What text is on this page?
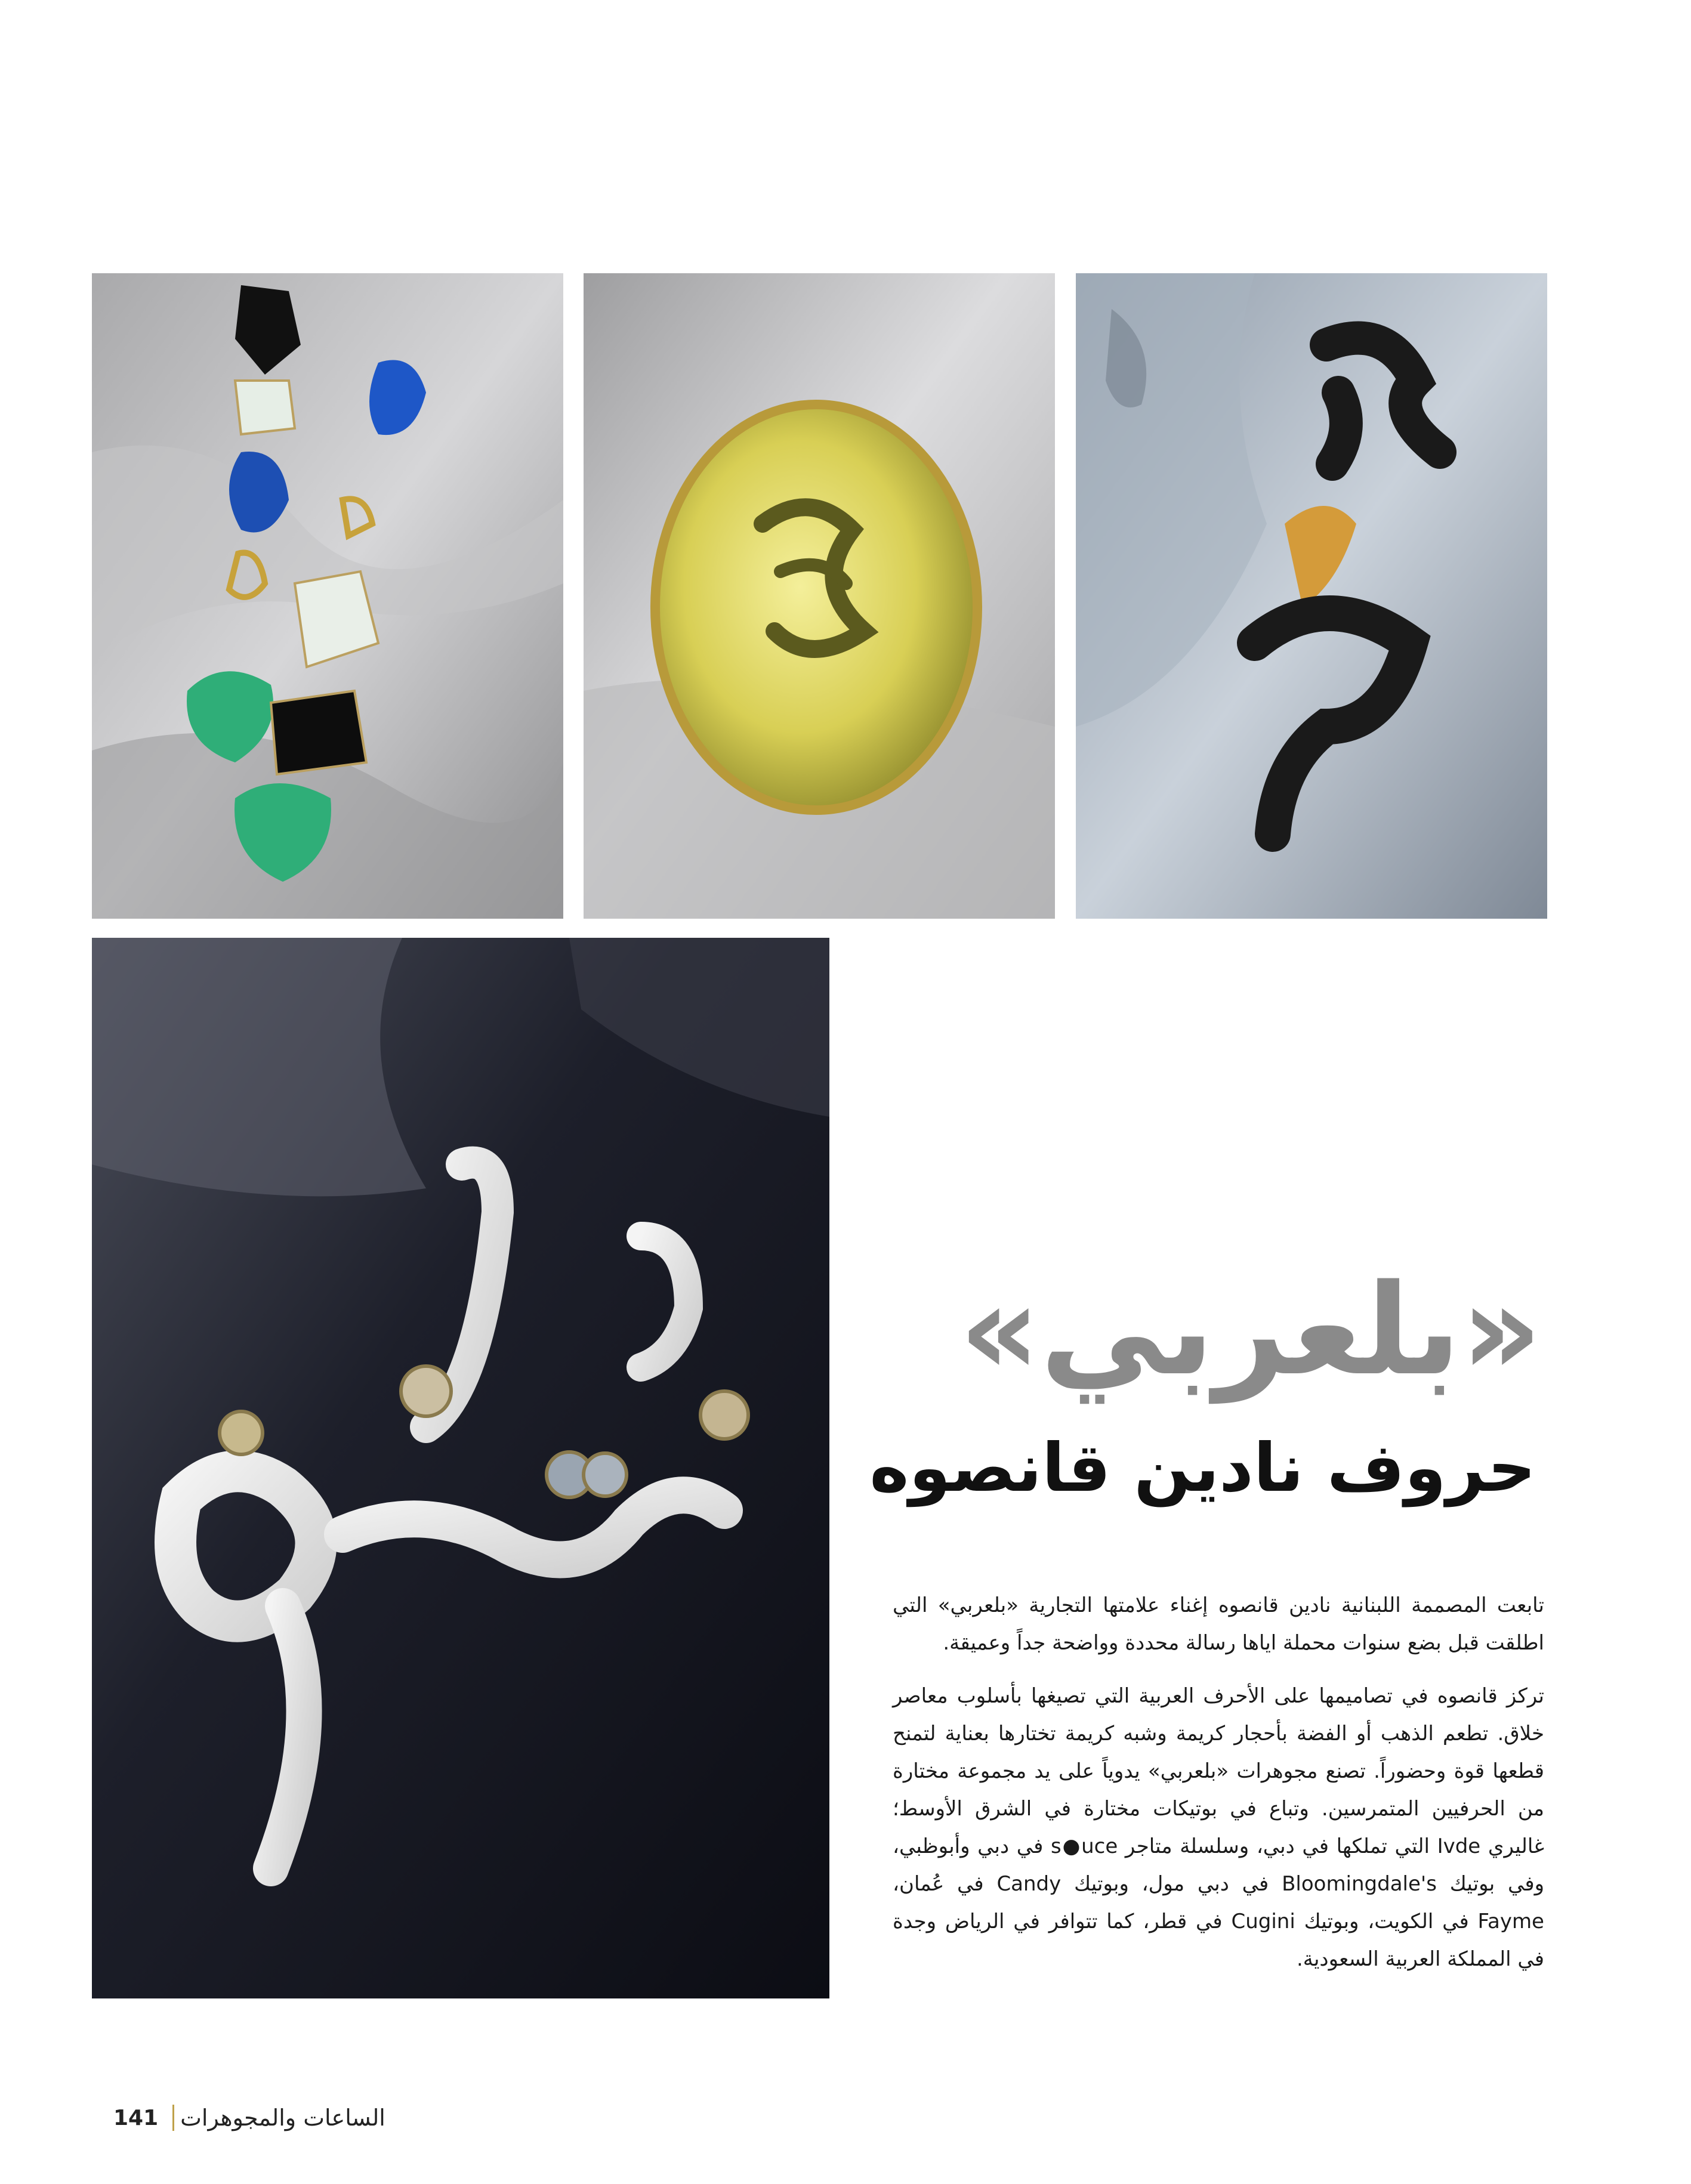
«بلعربي»
حروف نادين قانصوه

تابعت المصممة اللبنانية نادين قانصوه إغناء علامتها التجارية «بلعربي» التي اطلقت قبل بضع سنوات محملة اياها رسالة محددة وواضحة جداً وعميقة.

تركز قانصوه في تصاميمها على الأحرف العربية التي تصيغها بأسلوب معاصر خلاق. تطعم الذهب أو الفضة بأحجار كريمة وشبه كريمة تختارها بعناية لتمنح قطعها قوة وحضوراً. تصنع مجوهرات «بلعربي» يدوياً على يد مجموعة مختارة من الحرفيين المتمرسين. وتباع في بوتيكات مختارة في الشرق الأوسط؛ غاليري Ivde التي تملكها في دبي، وسلسلة متاجر s●uce في دبي وأبوظبي، وفي بوتيك Bloomingdale's في دبي مول، وبوتيك Candy في عُمان، Fayme في الكويت، وبوتيك Cugini في قطر، كما تتوافر في الرياض وجدة في المملكة العربية السعودية.

141 الساعات والمجوهرات
